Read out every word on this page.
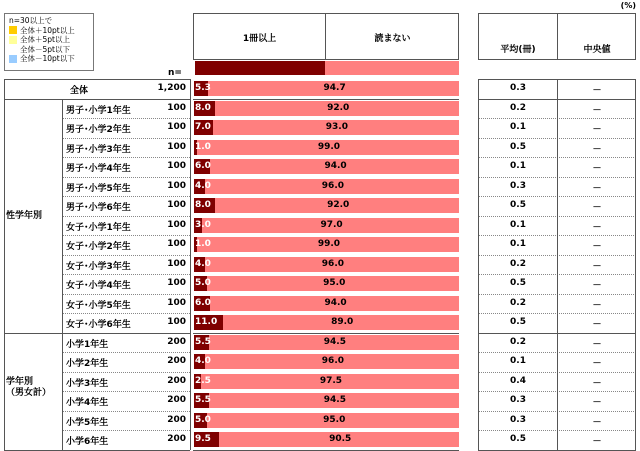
n=30以上で
全体＋10pt以上
全体＋5pt以上
全体－5pt以下
全体－10pt以下
(%)
1冊以上	読まない
平均(冊)	中央値
n=
性学年別
学年別
（男女計）
全体	1,200 5.3	94.7	0.3	－
男子･小学1年生	100 8.0	92.0	0.2	－
男子･小学2年生	100 7.0	93.0	0.1	－
男子･小学3年生	100 1.0	99.0	0.5	－
男子･小学4年生	100 6.0	94.0	0.1	－
男子･小学5年生	100 4.0	96.0	0.3	－
男子･小学6年生	100 8.0	92.0	0.5	－
女子･小学1年生	100 3.0	97.0	0.1	－
女子･小学2年生	100 1.0	99.0	0.1	－
女子･小学3年生	100 4.0	96.0	0.2	－
女子･小学4年生	100 5.0	95.0	0.5	－
女子･小学5年生	100 6.0	94.0	0.2	－
女子･小学6年生	100 11.0	89.0	0.5	－
小学1年生	200 5.5	94.5	0.2	－
小学2年生	200 4.0	96.0	0.1	－
小学3年生	200 2.5	97.5	0.4	－
小学4年生	200 5.5	94.5	0.3	－
小学5年生	200 5.0	95.0	0.3	－
小学6年生	200 9.5	90.5	0.5	－
